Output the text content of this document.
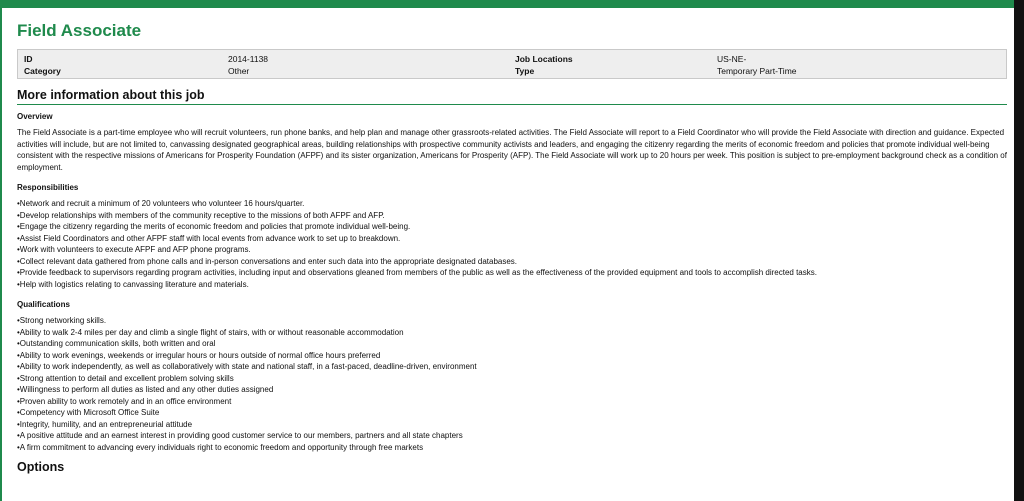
Field Associate
ID	2014-1138	Job Locations	US-NE-
Category	Other	Type	Temporary Part-Time
More information about this job
Overview

The Field Associate is a part-time employee who will recruit volunteers, run phone banks, and help plan and manage other grassroots-related activities. The Field Associate will report to a Field Coordinator who will provide the Field Associate with direction and guidance. Expected activities will include, but are not limited to, canvassing designated geographical areas, building relationships with prospective community activists and leaders, and engaging the citizenry regarding the merits of economic freedom and policies that promote individual well-being consistent with the respective missions of Americans for Prosperity Foundation (AFPF) and its sister organization, Americans for Prosperity (AFP). The Field Associate will work up to 20 hours per week. This position is subject to pre-employment background check as a condition of employment.

Responsibilities
•Network and recruit a minimum of 20 volunteers who volunteer 16 hours/quarter.
•Develop relationships with members of the community receptive to the missions of both AFPF and AFP.
•Engage the citizenry regarding the merits of economic freedom and policies that promote individual well-being.
•Assist Field Coordinators and other AFPF staff with local events from advance work to set up to breakdown.
•Work with volunteers to execute AFPF and AFP phone programs.
•Collect relevant data gathered from phone calls and in-person conversations and enter such data into the appropriate designated databases.
•Provide feedback to supervisors regarding program activities, including input and observations gleaned from members of the public as well as the effectiveness of the provided equipment and tools to accomplish directed tasks.
•Help with logistics relating to canvassing literature and materials.
Qualifications
•Strong networking skills.
•Ability to walk 2-4 miles per day and climb a single flight of stairs, with or without reasonable accommodation
•Outstanding communication skills, both written and oral
•Ability to work evenings, weekends or irregular hours or hours outside of normal office hours preferred
•Ability to work independently, as well as collaboratively with state and national staff, in a fast-paced, deadline-driven, environment
•Strong attention to detail and excellent problem solving skills
•Willingness to perform all duties as listed and any other duties assigned
•Proven ability to work remotely and in an office environment
•Competency with Microsoft Office Suite
•Integrity, humility, and an entrepreneurial attitude
•A positive attitude and an earnest interest in providing good customer service to our members, partners and all state chapters
•A firm commitment to advancing every individuals right to economic freedom and opportunity through free markets
Options
